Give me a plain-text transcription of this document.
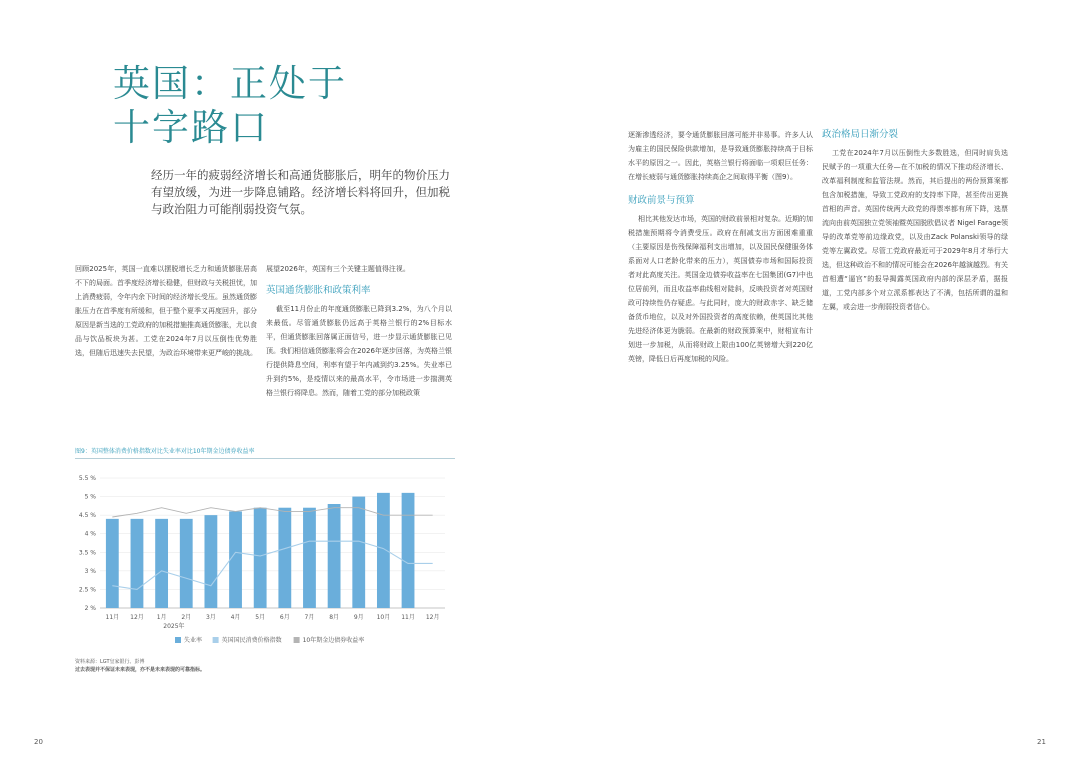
英国：正处于
十字路口
经历一年的疲弱经济增长和高通货膨胀后，明年的物价压力有望放缓，为进一步降息铺路。经济增长料将回升，但加税与政治阻力可能削弱投资气氛。

回顾2025年，英国一直难以摆脱增长乏力和通货膨胀居高不下的局面。首季度经济增长稳健，但财政与关税担忧，加上消费疲弱，令年内余下时间的经济增长受压。虽然通货膨胀压力在首季度有所缓和，但于整个夏季又再度回升，部分原因是新当选的工党政府的加税措施推高通货膨胀，尤以食品与饮品板块为甚。工党在2024年7月以压倒性优势胜选，但随后迅速失去民望，为政治环境带来更严峻的挑战。

展望2026年，英国有三个关键主题值得注视。

英国通货膨胀和政策利率

截至11月份止的年度通货膨胀已降到3.2%，为八个月以来最低。尽管通货膨胀仍远高于英格兰银行的2%目标水平，但通货膨胀回落属正面信号，进一步显示通货膨胀已见顶。我们相信通货膨胀将会在2026年逐步回落，为英格兰银行提供降息空间，利率有望于年内减到约3.25%。失业率已升到约5%，是疫情以来的最高水平，令市场进一步揣测英格兰银行将降息。然而，随着工党的部分加税政策

逐渐渗透经济，要令通货膨胀回落可能并非易事。许多人认为雇主的国民保险供款增加，是导致通货膨胀持续高于目标水平的原因之一。因此，英格兰银行将面临一项艰巨任务：在增长疲弱与通货膨胀持续高企之间取得平衡（图9）。

财政前景与预算

相比其他发达市场，英国的财政前景相对复杂。近期的加税措施预期将令消费受压。政府在削减支出方面困难重重（主要原因是伤残保障福利支出增加，以及国民保健服务体系面对人口老龄化带来的压力），英国债券市场和国际投资者对此高度关注。英国金边债券收益率在七国集团(G7)中也位居前列，而且收益率曲线相对陡斜，反映投资者对英国财政可持续性仍存疑虑。与此同时，庞大的财政赤字、缺乏储备货币地位，以及对外国投资者的高度依赖，使英国比其他先进经济体更为脆弱。在最新的财政预算案中，财相宣布计划进一步加税，从而将财政上限由100亿英镑增大到220亿英镑，降低日后再度加税的风险。

政治格局日渐分裂

工党在2024年7月以压倒性大多数胜选，但同时肩负选民赋予的一项重大任务—在不加税的情况下推动经济增长、改革福利制度和监管法规。然而，其后提出的两份预算案都包含加税措施，导致工党政府的支持率下降，甚至传出更换首相的声音。英国传统两大政党的得票率都有所下降，选票流向由前英国独立党领袖暨英国脱欧倡议者 Nigel Farage领导的改革党等前边缘政党，以及由Zack Polanski领导的绿党等左翼政党。尽管工党政府最近可于2029年8月才举行大选，但这种政治不和的情况可能会在2026年越演越烈。有关首相遭“逼宫”的报导揭露英国政府内部的深层矛盾，据报道，工党内部多个对立派系都表达了不满，包括所谓的温和左翼，或会进一步削弱投资者信心。

图9：英国整体消费价格指数对比失业率对比10年期金边债券收益率
2 %
2.5 %
3 %
3.5 %
4 %
4.5 %
5 %
5.5 %
11月 12月 1月 2月 3月 4月 5月 6月 7月 8月 9月 10月 11月 12月
2025年
失业率	英国国民消费价格指数	10年期金边债券收益率
资料来源：LGT皇家银行、彭博
过去表现并不保证未来表现，亦不是未来表现的可靠指标。
20	21
